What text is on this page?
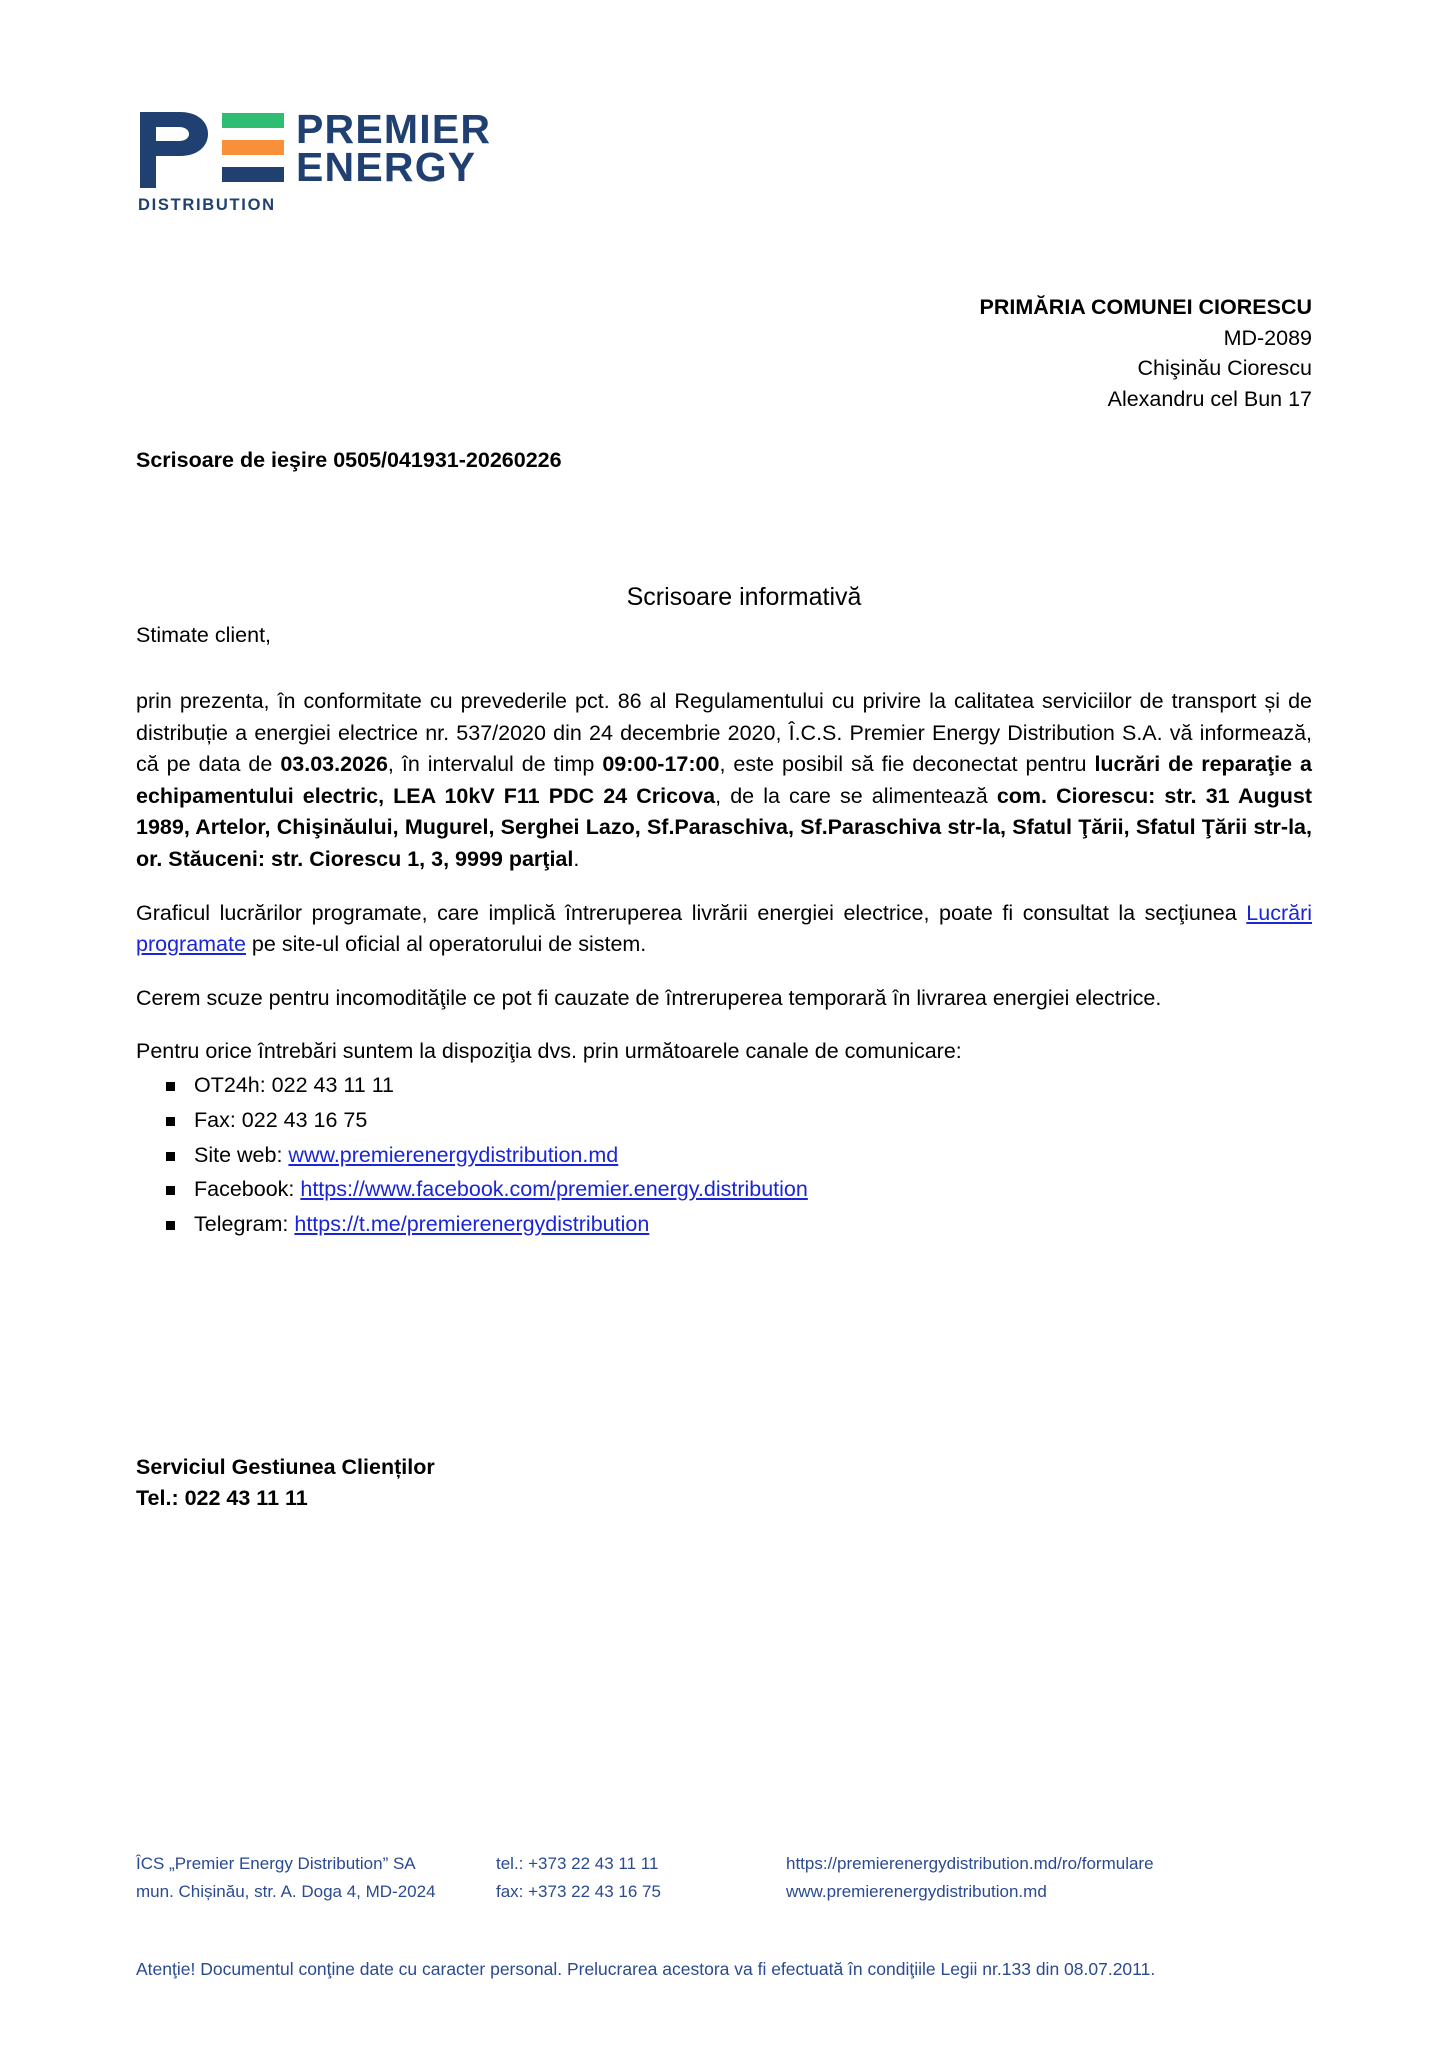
PREMIER
ENERGY
DISTRIBUTION
PRIMĂRIA COMUNEI CIORESCU
MD-2089
Chişinău Ciorescu
Alexandru cel Bun 17
Scrisoare de ieşire 0505/041931-20260226
Scrisoare informativă
Stimate client,

prin prezenta, în conformitate cu prevederile pct. 86 al Regulamentului cu privire la calitatea serviciilor de transport și de distribuție a energiei electrice nr. 537/2020 din 24 decembrie 2020, Î.C.S. Premier Energy Distribution S.A. vă informează, că pe data de 03.03.2026, în intervalul de timp 09:00-17:00, este posibil să fie deconectat pentru lucrări de reparaţie a echipamentului electric, LEA 10kV F11 PDC 24 Cricova, de la care se alimentează com. Ciorescu: str. 31 August 1989, Artelor, Chişinăului, Mugurel, Serghei Lazo, Sf.Paraschiva, Sf.Paraschiva str-la, Sfatul Ţării, Sfatul Ţării str-la, or. Stăuceni: str. Ciorescu 1, 3, 9999 parţial.

Graficul lucrărilor programate, care implică întreruperea livrării energiei electrice, poate fi consultat la secţiunea Lucrări programate pe site-ul oficial al operatorului de sistem.

Cerem scuze pentru incomodităţile ce pot fi cauzate de întreruperea temporară în livrarea energiei electrice.

Pentru orice întrebări suntem la dispoziţia dvs. prin următoarele canale de comunicare:

OT24h: 022 43 11 11
Fax: 022 43 16 75
Site web: www.premierenergydistribution.md
Facebook: https://www.facebook.com/premier.energy.distribution
Telegram: https://t.me/premierenergydistribution
Serviciul Gestiunea Clienților
Tel.: 022 43 11 11
ÎCS „Premier Energy Distribution” SA
mun. Chișinău, str. A. Doga 4, MD-2024
tel.: +373 22 43 11 11
fax: +373 22 43 16 75
https://premierenergydistribution.md/ro/formulare
www.premierenergydistribution.md
Atenţie! Documentul conţine date cu caracter personal. Prelucrarea acestora va fi efectuată în condiţiile Legii nr.133 din 08.07.2011.
